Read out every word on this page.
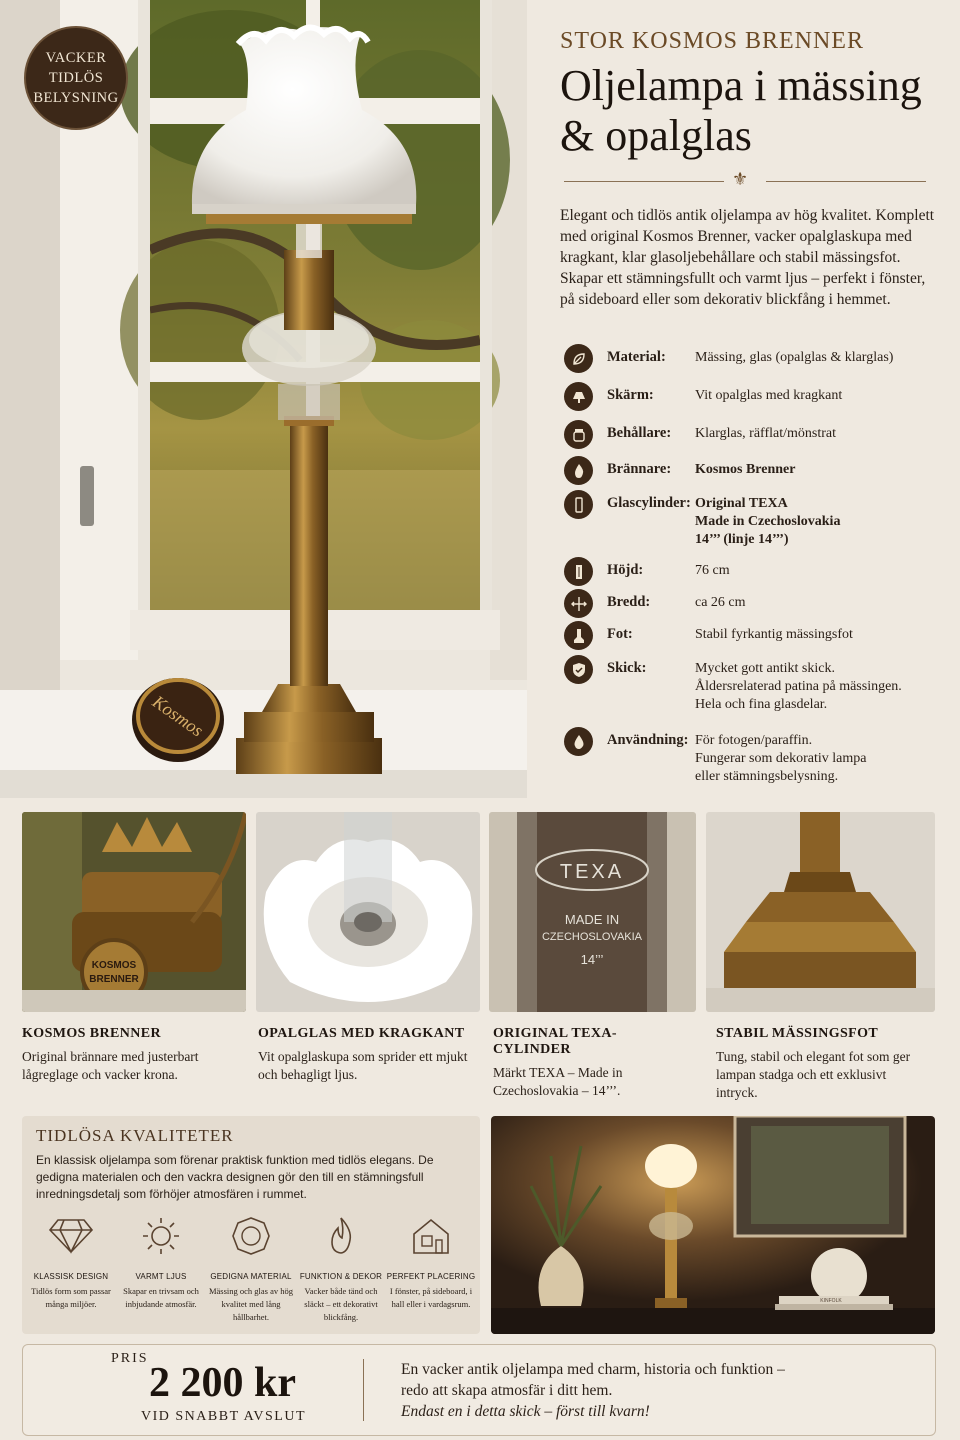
Kosmos
VACKER
TIDLÖS
BELYSNING
STOR KOSMOS BRENNER
Oljelampa i mässing
& opalglas
⚜
Elegant och tidlös antik oljelampa av hög kvalitet. Komplett med original Kosmos Brenner, vacker opalglaskupa med kragkant, klar glasoljebehållare och stabil mässingsfot. Skapar ett stämningsfullt och varmt ljus – perfekt i fönster, på sideboard eller som dekorativ blickfång i hemmet.
Material: Mässing, glas (opalglas & klarglas)
Skärm:	Vit opalglas med kragkant
Behållare: Klarglas, räfflat/mönstrat
Brännare: Kosmos Brenner
Glascylinder: Original TEXA
Made in Czechoslovakia
14’’’ (linje 14’’’)
Höjd:	76 cm
Bredd:	ca 26 cm
Fot:	Stabil fyrkantig mässingsfot
Skick:	Mycket gott antikt skick.
Åldersrelaterad patina på mässingen.
Hela och fina glasdelar.
Användning: För fotogen/paraffin.
Fungerar som dekorativ lampa
eller stämningsbelysning.
KOSMOS
BRENNER
TEXA
MADE IN
CZECHOSLOVAKIA
14’’’
KOSMOS BRENNER

Original brännare med justerbart lågreglage och vacker krona.

OPALGLAS MED KRAGKANT

Vit opalglaskupa som sprider ett mjukt och behagligt ljus.

ORIGINAL TEXA-CYLINDER

Märkt TEXA – Made in Czechoslovakia – 14’’’.

STABIL MÄSSINGSFOT

Tung, stabil och elegant fot som ger lampan stadga och ett exklusivt intryck.

TIDLÖSA KVALITETER
En klassisk oljelampa som förenar praktisk funktion med tidlös elegans. De gedigna materialen och den vackra designen gör den till en stämningsfull inredningsdetalj som förhöjer atmosfären i rummet.
KLASSISK DESIGN
Tidlös form som passar många miljöer.
VARMT LJUS
Skapar en trivsam och inbjudande atmosfär.
GEDIGNA MATERIAL
Mässing och glas av hög kvalitet med lång hållbarhet.
FUNKTION & DEKOR
Vacker både tänd och släckt – ett dekorativt blickfång.
PERFEKT PLACERING
I fönster, på sideboard, i hall eller i vardagsrum.	KINFOLK
PRIS
2 200 kr
VID SNABBT AVSLUT
En vacker antik oljelampa med charm, historia och funktion –
redo att skapa atmosfär i ditt hem.
Endast en i detta skick – först till kvarn!
